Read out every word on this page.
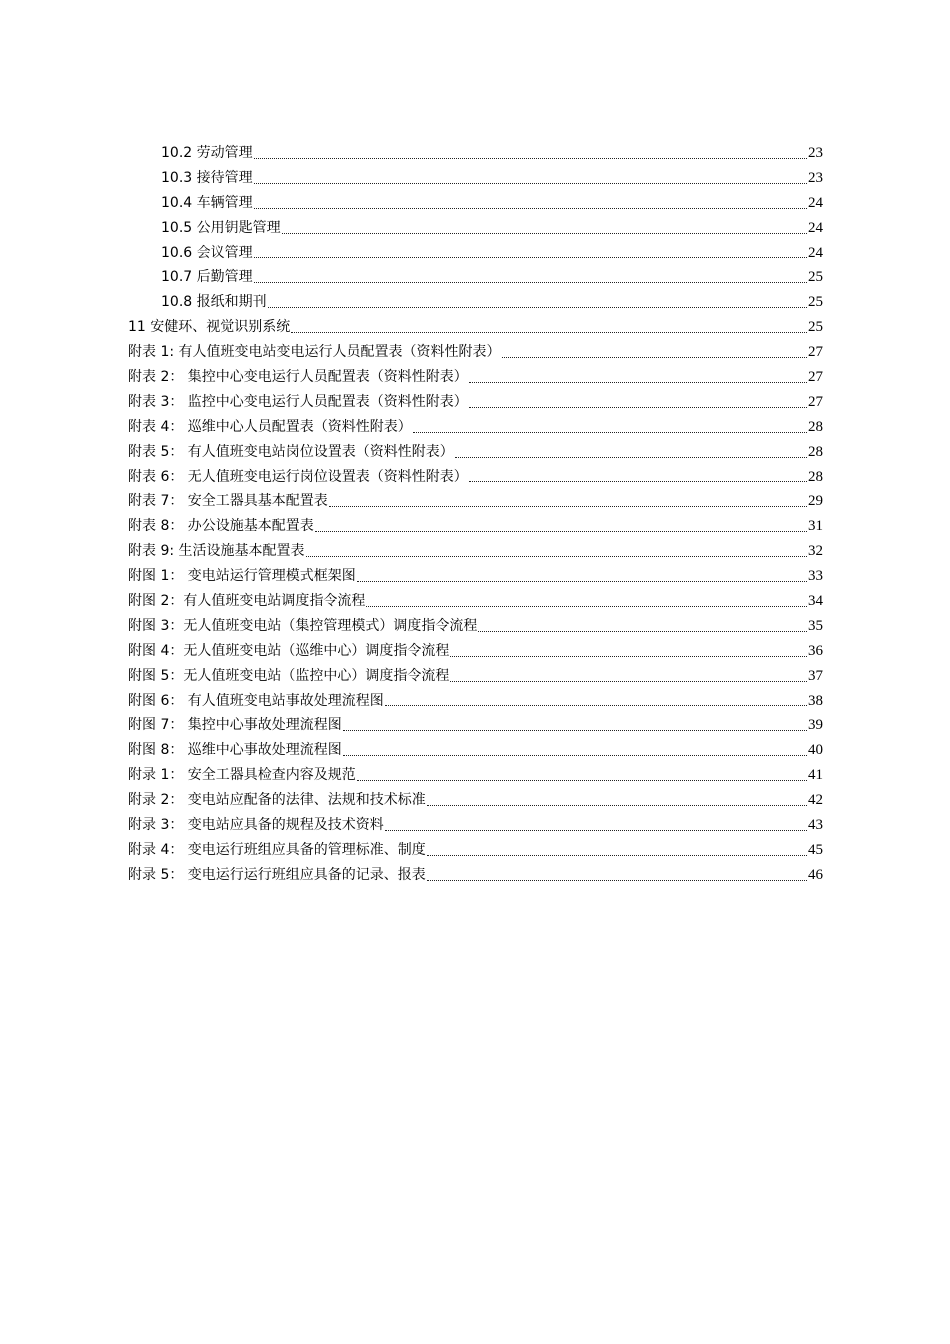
10.2 劳动管理	23
10.3 接待管理	23
10.4 车辆管理	24
10.5 公用钥匙管理	24
10.6 会议管理	24
10.7 后勤管理	25
10.8 报纸和期刊	25
11 安健环、视觉识别系统	25
附表 1: 有人值班变电站变电运行人员配置表（资料性附表）	27
附表 2： 集控中心变电运行人员配置表（资料性附表）	27
附表 3： 监控中心变电运行人员配置表（资料性附表）	27
附表 4： 巡维中心人员配置表（资料性附表）	28
附表 5： 有人值班变电站岗位设置表（资料性附表）	28
附表 6： 无人值班变电运行岗位设置表（资料性附表）	28
附表 7： 安全工器具基本配置表	29
附表 8： 办公设施基本配置表	31
附表 9: 生活设施基本配置表	32
附图 1： 变电站运行管理模式框架图	33
附图 2：有人值班变电站调度指令流程	34
附图 3：无人值班变电站（集控管理模式）调度指令流程	35
附图 4：无人值班变电站（巡维中心）调度指令流程	36
附图 5：无人值班变电站（监控中心）调度指令流程	37
附图 6： 有人值班变电站事故处理流程图	38
附图 7： 集控中心事故处理流程图	39
附图 8： 巡维中心事故处理流程图	40
附录 1： 安全工器具检查内容及规范	41
附录 2： 变电站应配备的法律、法规和技术标准	42
附录 3： 变电站应具备的规程及技术资料	43
附录 4： 变电运行班组应具备的管理标准、制度	45
附录 5： 变电运行运行班组应具备的记录、报表	46
